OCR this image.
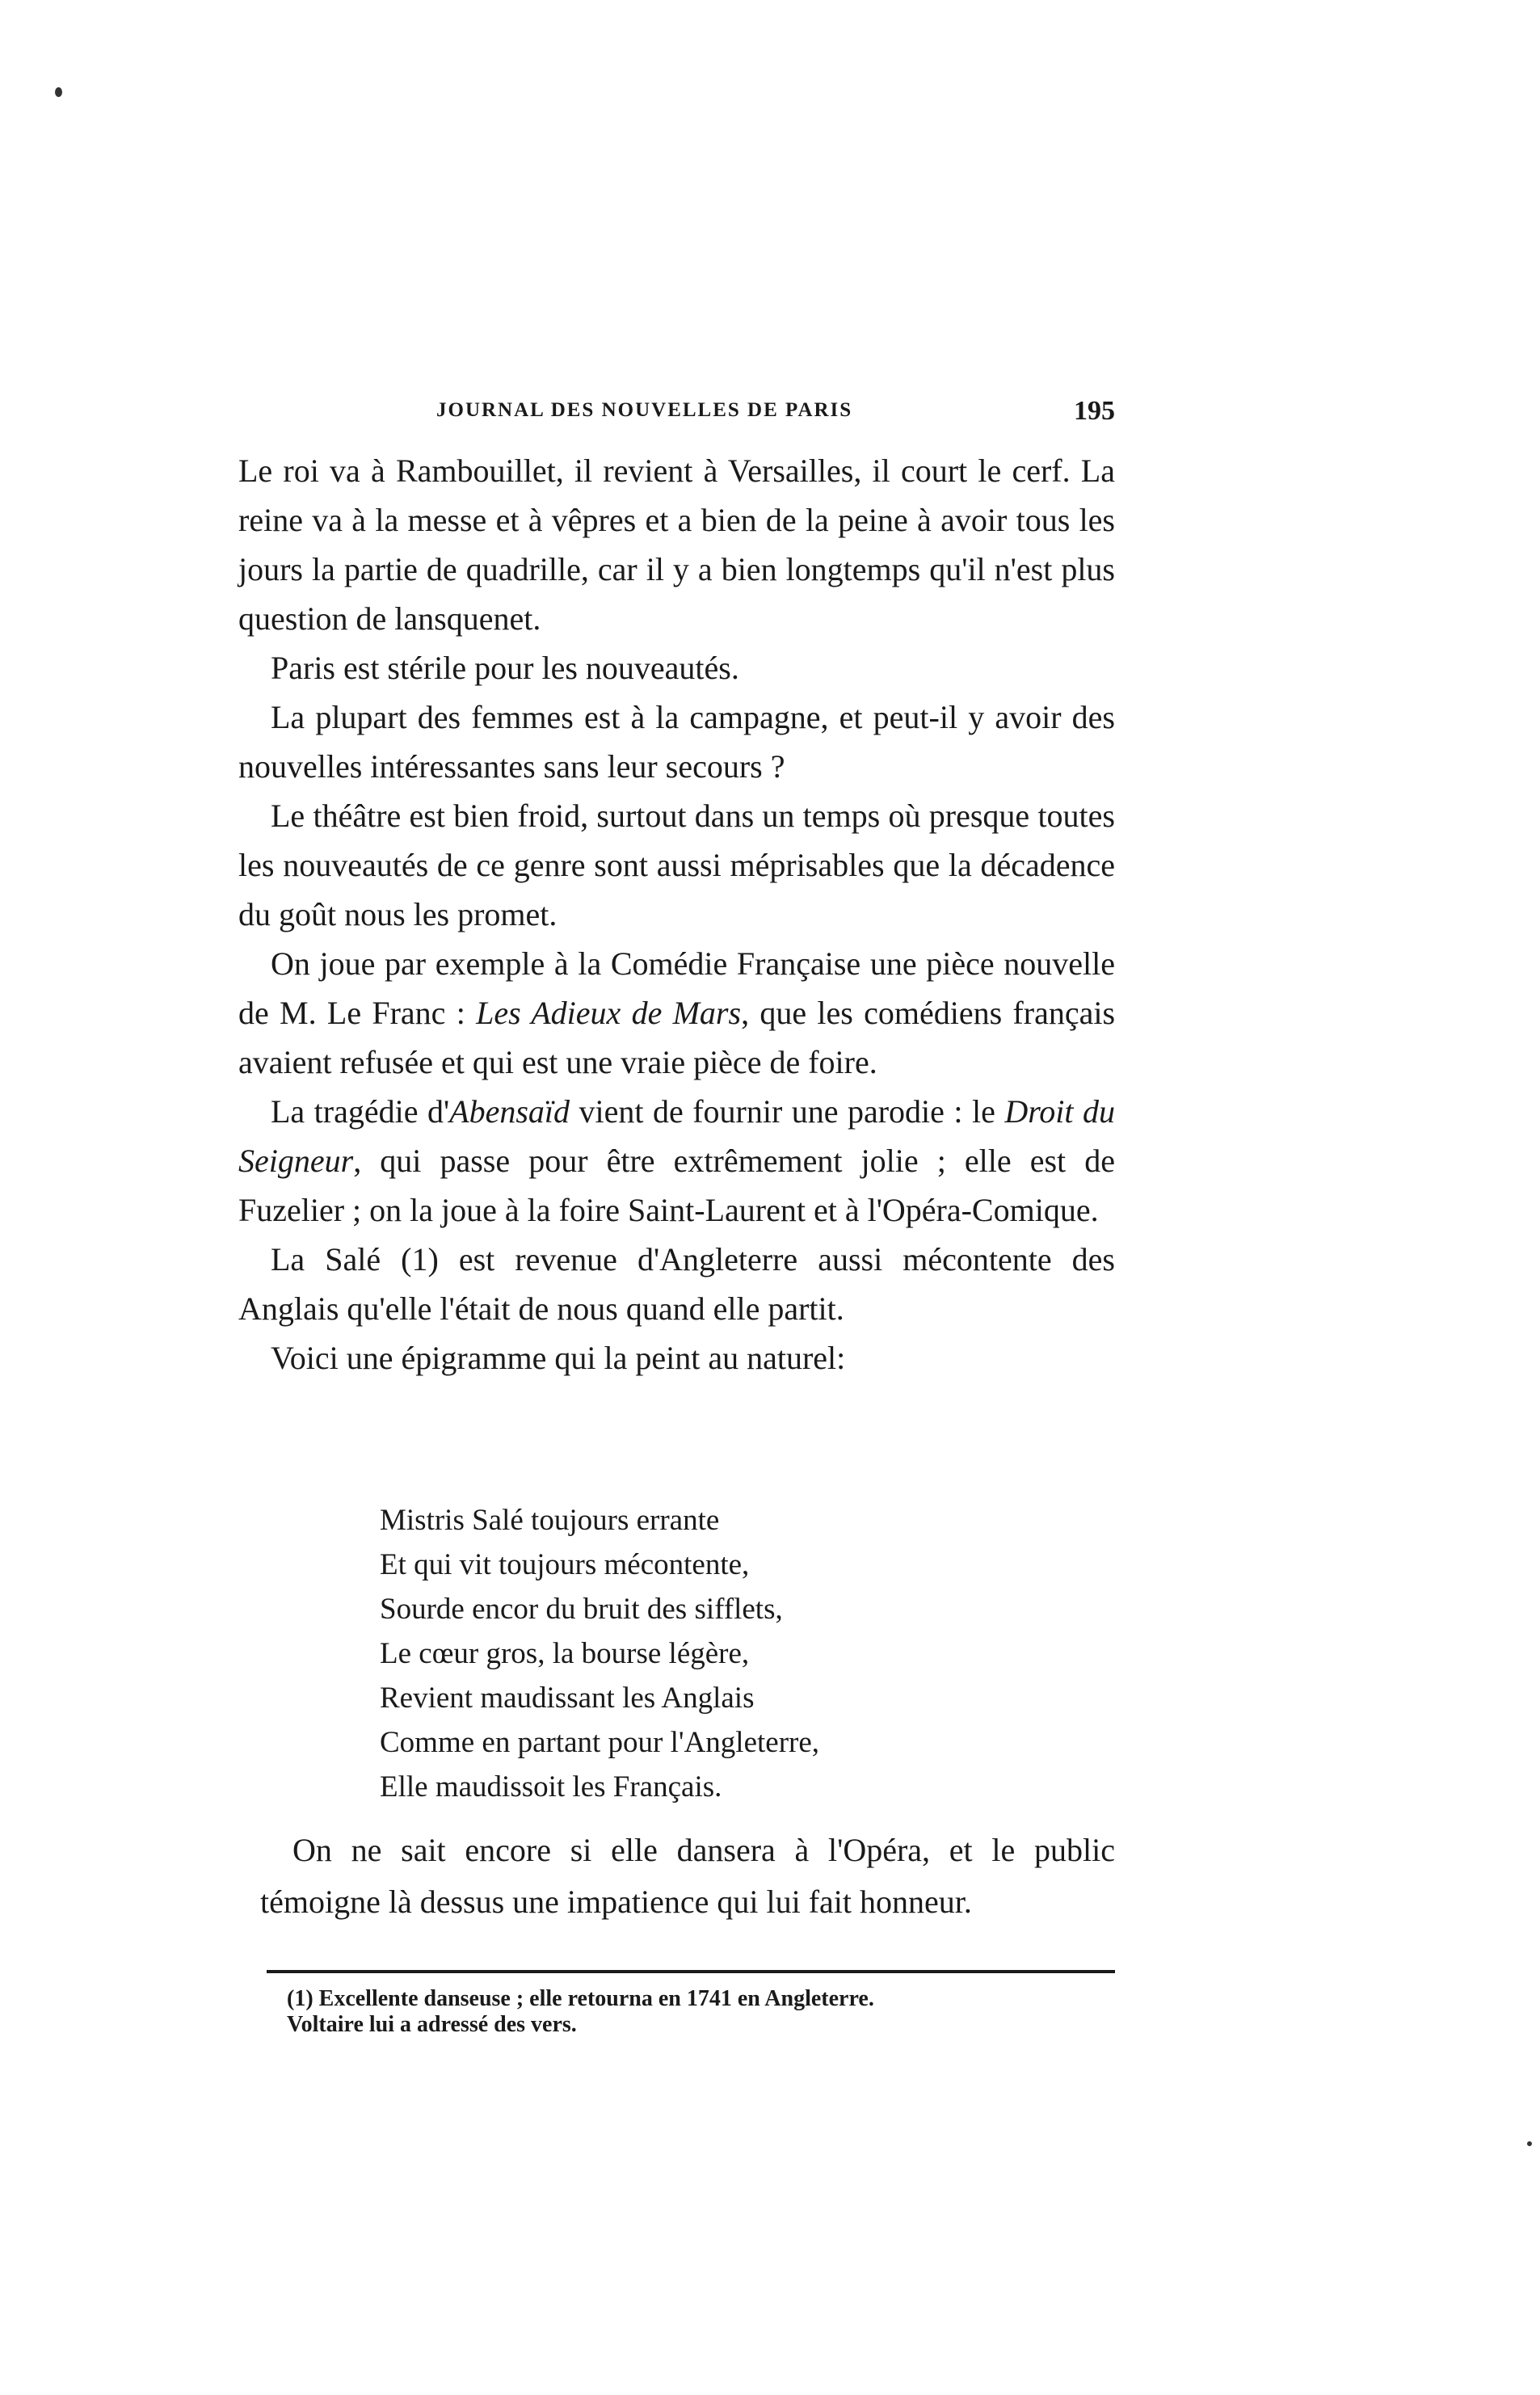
JOURNAL DES NOUVELLES DE PARIS	195

Le roi va à Rambouillet, il revient à Versailles, il court le cerf. La reine va à la messe et à vêpres et a bien de la peine à avoir tous les jours la partie de quadrille, car il y a bien longtemps qu'il n'est plus question de lansquenet.

Paris est stérile pour les nouveautés.

La plupart des femmes est à la campagne, et peut-il y avoir des nouvelles intéressantes sans leur secours ?

Le théâtre est bien froid, surtout dans un temps où presque toutes les nouveautés de ce genre sont aussi méprisables que la décadence du goût nous les promet.

On joue par exemple à la Comédie Française une pièce nouvelle de M. Le Franc : Les Adieux de Mars, que les comédiens français avaient refusée et qui est une vraie pièce de foire.

La tragédie d'Abensaïd vient de fournir une parodie : le Droit du Seigneur, qui passe pour être extrêmement jolie ; elle est de Fuzelier ; on la joue à la foire Saint-Laurent et à l'Opéra-Comique.

La Salé (1) est revenue d'Angleterre aussi mécontente des Anglais qu'elle l'était de nous quand elle partit.

Voici une épigramme qui la peint au naturel:

Mistris Salé toujours errante

Et qui vit toujours mécontente,

Sourde encor du bruit des sifflets,

Le cœur gros, la bourse légère,

Revient maudissant les Anglais

Comme en partant pour l'Angleterre,

Elle maudissoit les Français.

On ne sait encore si elle dansera à l'Opéra, et le public témoigne là dessus une impatience qui lui fait honneur.

(1) Excellente danseuse ; elle retourna en 1741 en Angleterre.

Voltaire lui a adressé des vers.
